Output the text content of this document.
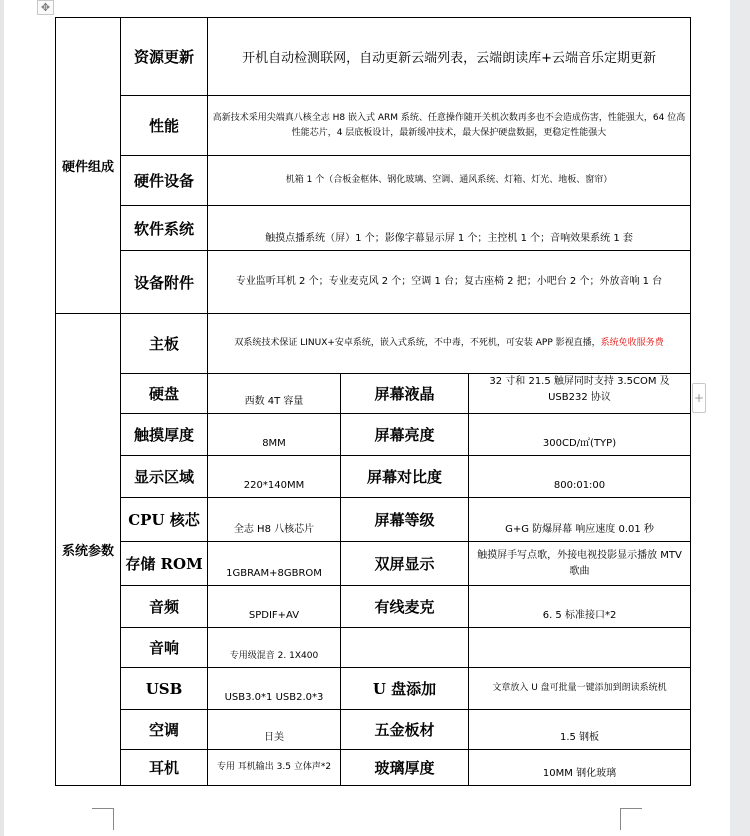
✥
+
硬件组成	资源更新	开机自动检测联网，自动更新云端列表，云端朗读库+云端音乐定期更新		
	性能	高新技术采用尖端真八核全志 H8 嵌入式 ARM 系统、任意操作随开关机次数再多也不会造成伤害，性能强大，64 位高性能芯片，4 层底板设计，最新缓冲技术，最大保护硬盘数据，更稳定性能强大		
	硬件设备	机箱 1 个（合板金框体、钢化玻璃、空调、通风系统、灯箱、灯光、地板、窗帘）		
	软件系统	触摸点播系统（屏）1 个；影像字幕显示屏 1 个；主控机 1 个；音响效果系统 1 套		
	设备附件	专业监听耳机 2 个；专业麦克风 2 个；空调 1 台；复古座椅 2 把；小吧台 2 个；外放音响 1 台		
系统参数	主板	双系统技术保证 LINUX+安卓系统，嵌入式系统，不中毒，不死机，可安装 APP 影视直播，系统免收服务费		
	硬盘	西数 4T 容量	屏幕液晶	32 寸和 21.5 触屏同时支持 3.5COM 及 USB232 协议
	触摸厚度	8MM	屏幕亮度	300CD/㎡(TYP)
	显示区域	220*140MM	屏幕对比度	800:01:00
	CPU 核芯	全志 H8 八核芯片	屏幕等级	G+G 防爆屏幕 响应速度 0.01 秒
	存储 ROM	1GBRAM+8GBROM	双屏显示	触摸屏手写点歌，外接电视投影显示播放 MTV 歌曲
	音频	SPDIF+AV	有线麦克	6. 5 标准接口*2
	音响	专用级混音 2. 1X400		
	USB	USB3.0*1 USB2.0*3	U 盘添加	文章放入 U 盘可批量一键添加到朗读系统机
	空调	日美	五金板材	1.5 钢板
	耳机	专用 耳机输出 3.5 立体声*2	玻璃厚度	10MM 钢化玻璃
